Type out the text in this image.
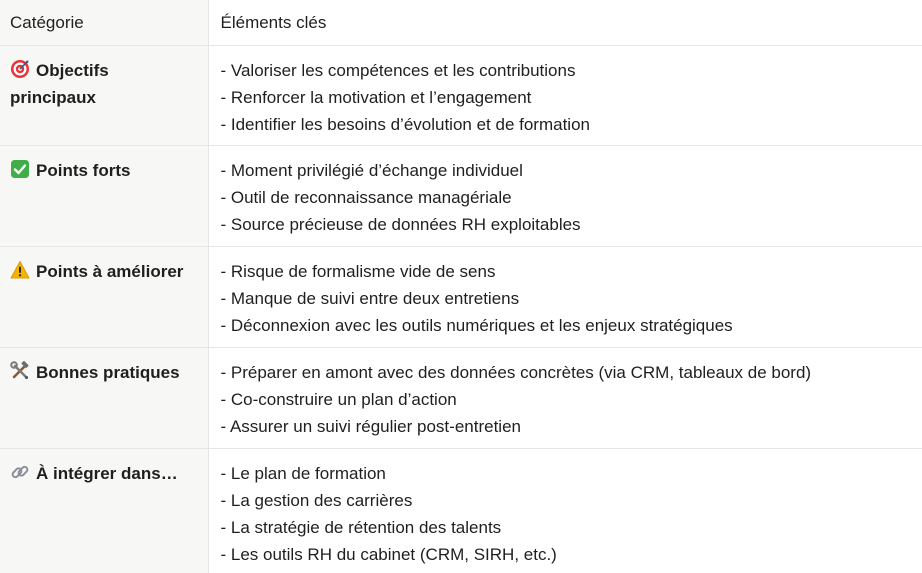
Catégorie	Éléments clés
Objectifs
principaux	- Valoriser les compétences et les contributions
- Renforcer la motivation et l’engagement
- Identifier les besoins d’évolution et de formation

Points forts	- Moment privilégié d’échange individuel
- Outil de reconnaissance managériale
- Source précieuse de données RH exploitables

Points à améliorer	- Risque de formalisme vide de sens
- Manque de suivi entre deux entretiens
- Déconnexion avec les outils numériques et les enjeux stratégiques

Bonnes pratiques	- Préparer en amont avec des données concrètes (via CRM, tableaux de bord)
- Co-construire un plan d’action
- Assurer un suivi régulier post-entretien

À intégrer dans…	- Le plan de formation
- La gestion des carrières
- La stratégie de rétention des talents
- Les outils RH du cabinet (CRM, SIRH, etc.)
